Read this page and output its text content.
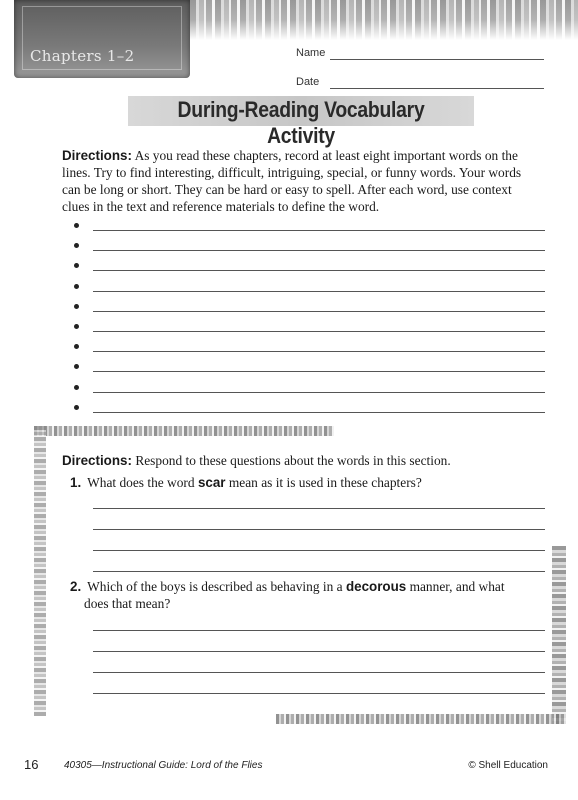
Chapters 1–2	Name
Date
During-Reading Vocabulary Activity
Directions: As you read these chapters, record at least eight important words on the lines. Try to find interesting, difficult, intriguing, special, or funny words. Your words can be long or short. They can be hard or easy to spell. After each word, use context clues in the text and reference materials to define the word.
Directions: Respond to these questions about the words in this section.
1. What does the word scar mean as it is used in these chapters?
2. Which of the boys is described as behaving in a decorous manner, and what
does that mean?
16	40305—Instructional Guide: Lord of the Flies	© Shell Education
